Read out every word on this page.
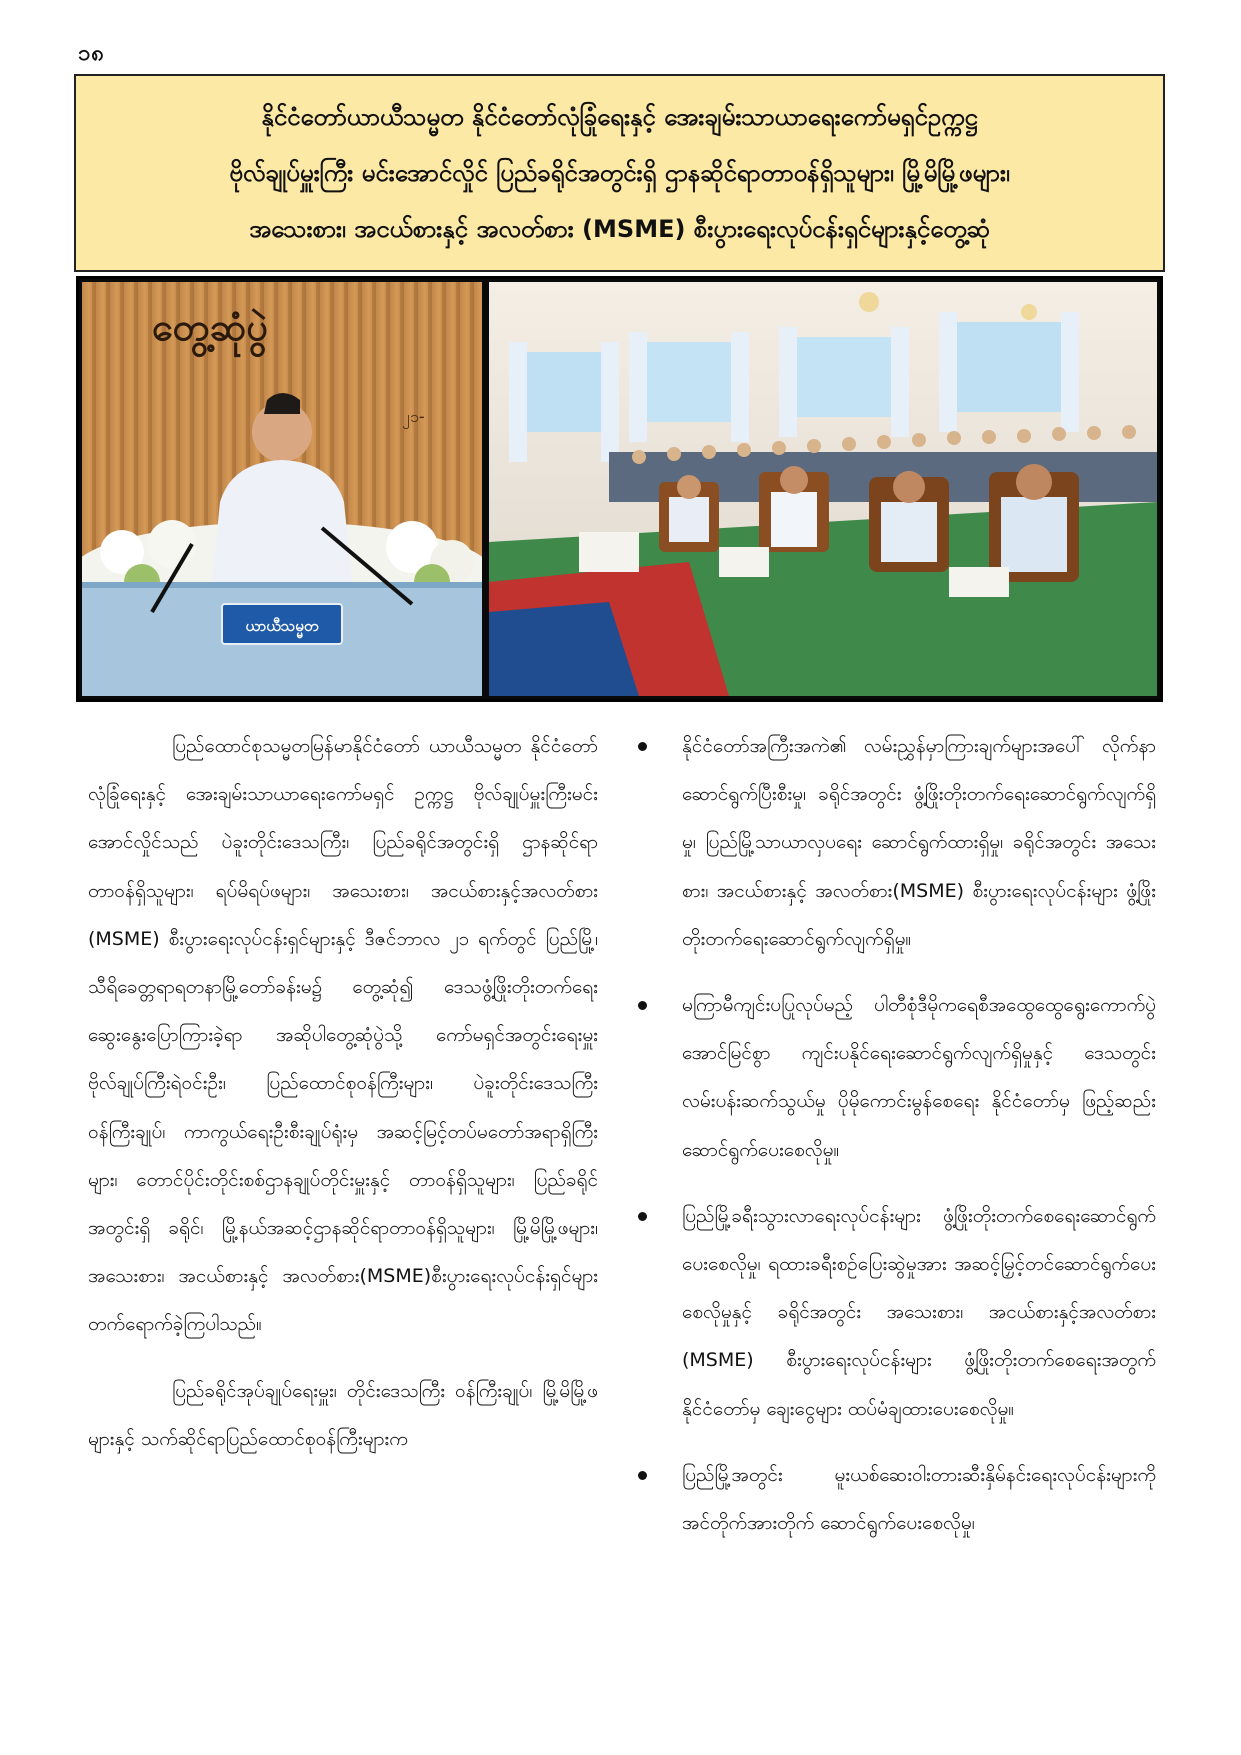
၁၈
နိုင်ငံတော်ယာယီသမ္မတ နိုင်ငံတော်လုံခြုံရေးနှင့် အေးချမ်းသာယာရေးကော်မရှင်ဥက္ကဋ္ဌ
ဗိုလ်ချုပ်မှူးကြီး မင်းအောင်လှိုင် ပြည်ခရိုင်အတွင်းရှိ ဌာနဆိုင်ရာတာဝန်ရှိသူများ၊ မြို့မိမြို့ဖများ၊
အသေးစား၊ အငယ်စားနှင့် အလတ်စား (MSME) စီးပွားရေးလုပ်ငန်းရှင်များနှင့်တွေ့ဆုံ
တွေ့ဆုံပွဲ
၂၁-
ယာယီသမ္မတ

ပြည်ထောင်စုသမ္မတမြန်မာနိုင်ငံတော် ယာယီသမ္မတ နိုင်ငံတော်လုံခြုံရေးနှင့် အေးချမ်းသာယာရေးကော်မရှင် ဥက္ကဋ္ဌ ဗိုလ်ချုပ်မှူးကြီးမင်းအောင်လှိုင်သည် ပဲခူးတိုင်းဒေသကြီး၊ ပြည်ခရိုင်အတွင်းရှိ ဌာနဆိုင်ရာတာဝန်ရှိသူများ၊ ရပ်မိရပ်ဖများ၊ အသေးစား၊ အငယ်စားနှင့်အလတ်စား (MSME) စီးပွားရေးလုပ်ငန်းရှင်များနှင့် ဒီဇင်ဘာလ ၂၁ ရက်တွင် ပြည်မြို့၊ သီရိခေတ္တရာရတနာမြို့တော်ခန်းမ၌ တွေ့ဆုံ၍ ဒေသဖွံ့ဖြိုးတိုးတက်ရေး ဆွေးနွေးပြောကြားခဲ့ရာ အဆိုပါတွေ့ဆုံပွဲသို့ ကော်မရှင်အတွင်းရေးမှူး ဗိုလ်ချုပ်ကြီးရဲဝင်းဦး၊ ပြည်ထောင်စုဝန်ကြီးများ၊ ပဲခူးတိုင်းဒေသကြီးဝန်ကြီးချုပ်၊ ကာကွယ်ရေးဦးစီးချုပ်ရုံးမှ အဆင့်မြင့်တပ်မတော်အရာရှိကြီးများ၊ တောင်ပိုင်းတိုင်းစစ်ဌာနချုပ်တိုင်းမှူးနှင့် တာဝန်ရှိသူများ၊ ပြည်ခရိုင်အတွင်းရှိ ခရိုင်၊ မြို့နယ်အဆင့်ဌာနဆိုင်ရာတာဝန်ရှိသူများ၊ မြို့မိမြို့ဖများ၊ အသေးစား၊ အငယ်စားနှင့် အလတ်စား(MSME)စီးပွားရေးလုပ်ငန်းရှင်များ တက်ရောက်ခဲ့ကြပါသည်။

ပြည်ခရိုင်အုပ်ချုပ်ရေးမှူး၊ တိုင်းဒေသကြီး ဝန်ကြီးချုပ်၊ မြို့မိမြို့ဖများနှင့် သက်ဆိုင်ရာပြည်ထောင်စုဝန်ကြီးများက

နိုင်ငံတော်အကြီးအကဲ၏ လမ်းညွှန်မှာကြားချက်များအပေါ် လိုက်နာဆောင်ရွက်ပြီးစီးမှု၊ ခရိုင်အတွင်း ဖွံ့ဖြိုးတိုးတက်ရေးဆောင်ရွက်လျက်ရှိမှု၊ ပြည်မြို့သာယာလှပရေး ဆောင်ရွက်ထားရှိမှု၊ ခရိုင်အတွင်း အသေးစား၊ အငယ်စားနှင့် အလတ်စား(MSME) စီးပွားရေးလုပ်ငန်းများ ဖွံ့ဖြိုးတိုးတက်ရေးဆောင်ရွက်လျက်ရှိမှု။
မကြာမီကျင်းပပြုလုပ်မည့် ပါတီစုံဒီမိုကရေစီအထွေထွေရွေးကောက်ပွဲအောင်မြင်စွာ ကျင်းပနိုင်ရေးဆောင်ရွက်လျက်ရှိမှုနှင့် ဒေသတွင်းလမ်းပန်းဆက်သွယ်မှု ပိုမိုကောင်းမွန်စေရေး နိုင်ငံတော်မှ ဖြည့်ဆည်းဆောင်ရွက်ပေးစေလိုမှု။
ပြည်မြို့ခရီးသွားလာရေးလုပ်ငန်းများ ဖွံ့ဖြိုးတိုးတက်စေရေးဆောင်ရွက်ပေးစေလိုမှု၊ ရထားခရီးစဉ်ပြေးဆွဲမှုအား အဆင့်မြှင့်တင်ဆောင်ရွက်ပေးစေလိုမှုနှင့် ခရိုင်အတွင်း အသေးစား၊ အငယ်စားနှင့်အလတ်စား (MSME) စီးပွားရေးလုပ်ငန်းများ ဖွံ့ဖြိုးတိုးတက်စေရေးအတွက် နိုင်ငံတော်မှ ချေးငွေများ ထပ်မံချထားပေးစေလိုမှု။
ပြည်မြို့အတွင်း မူးယစ်ဆေးဝါးတားဆီးနှိမ်နင်းရေးလုပ်ငန်းများကို အင်တိုက်အားတိုက် ဆောင်ရွက်ပေးစေလိုမှု၊
